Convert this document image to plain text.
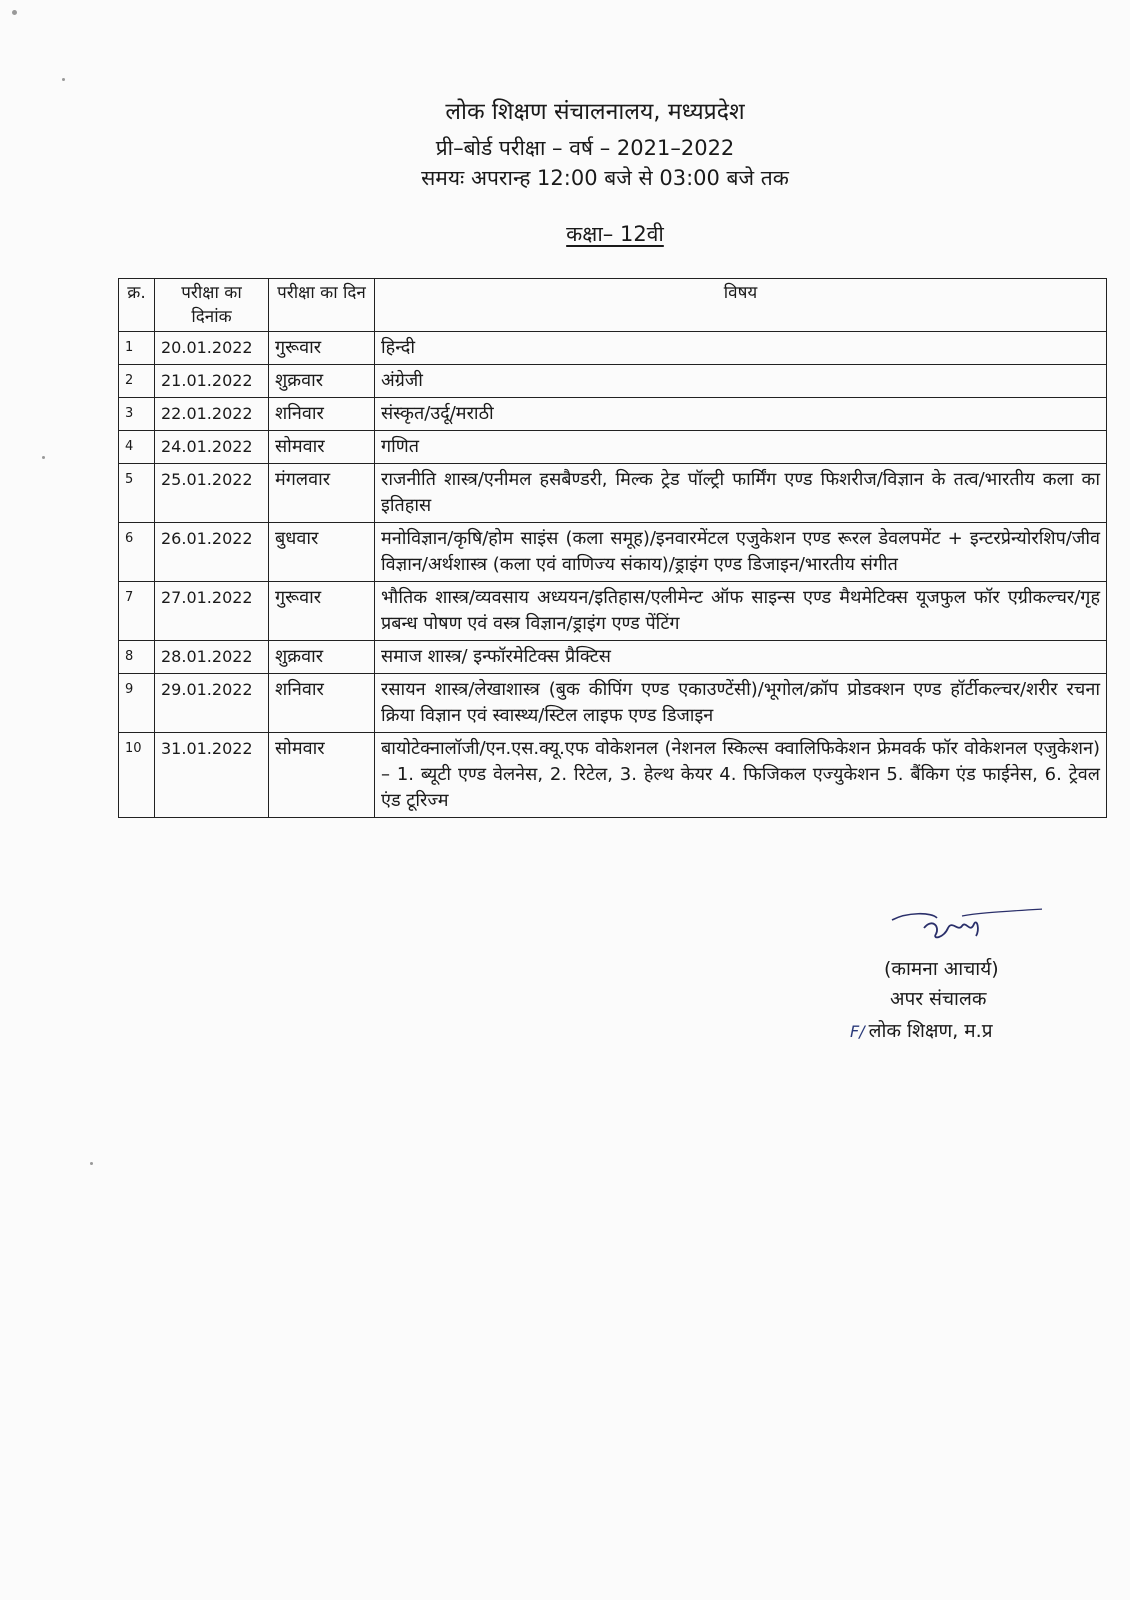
लोक शिक्षण संचालनालय, मध्यप्रदेश
प्री–बोर्ड परीक्षा – वर्ष – 2021–2022
समयः अपरान्ह 12:00 बजे से 03:00 बजे तक
कक्षा– 12वी
क्र.	परीक्षा का दिनांक	परीक्षा का दिन	विषय
1	20.01.2022	गुरूवार	हिन्दी
2	21.01.2022	शुक्रवार	अंग्रेजी
3	22.01.2022	शनिवार	संस्कृत/उर्दू/मराठी
4	24.01.2022	सोमवार	गणित
5	25.01.2022	मंगलवार	राजनीति शास्त्र/एनीमल हसबैण्डरी, मिल्क ट्रेड पॉल्ट्री फार्मिंग एण्ड फिशरीज/विज्ञान के तत्व/भारतीय कला का इतिहास
6	26.01.2022	बुधवार	मनोविज्ञान/कृषि/होम साइंस (कला समूह)/इनवारमेंटल एजुकेशन एण्ड रूरल डेवलपमेंट + इन्टरप्रेन्योरशिप/जीव विज्ञान/अर्थशास्त्र (कला एवं वाणिज्य संकाय)/ड्राइंग एण्ड डिजाइन/भारतीय संगीत
7	27.01.2022	गुरूवार	भौतिक शास्त्र/व्यवसाय अध्ययन/इतिहास/एलीमेन्ट ऑफ साइन्स एण्ड मैथमेटिक्स यूजफुल फॉर एग्रीकल्चर/गृह प्रबन्ध पोषण एवं वस्त्र विज्ञान/ड्राइंग एण्ड पेंटिंग
8	28.01.2022	शुक्रवार	समाज शास्त्र/ इन्फॉरमेटिक्स प्रैक्टिस
9	29.01.2022	शनिवार	रसायन शास्त्र/लेखाशास्त्र (बुक कीपिंग एण्ड एकाउण्टेंसी)/भूगोल/क्रॉप प्रोडक्शन एण्ड हॉर्टीकल्चर/शरीर रचना क्रिया विज्ञान एवं स्वास्थ्य/स्टिल लाइफ एण्ड डिजाइन
10	31.01.2022	सोमवार	बायोटेक्नालॉजी/एन.एस.क्यू.एफ वोकेशनल (नेशनल स्किल्स क्वालिफिकेशन फ्रेमवर्क फॉर वोकेशनल एजुकेशन) – 1. ब्यूटी एण्ड वेलनेस, 2. रिटेल, 3. हेल्थ केयर 4. फिजिकल एज्युकेशन 5. बैंकिग एंड फाईनेस, 6. ट्रेवल एंड टूरिज्म
(कामना आचार्य)
अपर संचालक
F/ लोक शिक्षण, म.प्र
